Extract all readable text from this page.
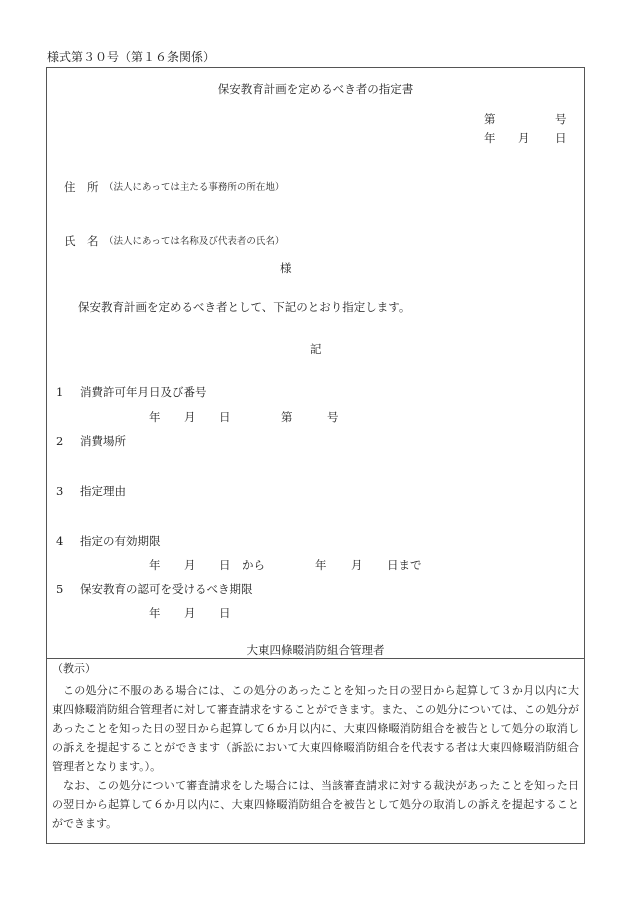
様式第３０号（第１６条関係）
保安教育計画を定めるべき者の指定書
第	号
年 月 日
住　所 （法人にあっては主たる事務所の所在地）
氏　名 （法人にあっては名称及び代表者の氏名）
様
保安教育計画を定めるべき者として、下記のとおり指定します。
記
1 消費許可年月日及び番号
年 月 日	第	号
2 消費場所
3 指定理由
4 指定の有効期限
年 月 日 から	年 月 日まで
5 保安教育の認可を受けるべき期限
年 月 日
大東四條畷消防組合管理者
（教示）

この処分に不服のある場合には、この処分のあったことを知った日の翌日から起算して３か月以内に大東四條畷消防組合管理者に対して審査請求をすることができます。また、この処分については、この処分があったことを知った日の翌日から起算して６か月以内に、大東四條畷消防組合を被告として処分の取消しの訴えを提起することができます（訴訟において大東四條畷消防組合を代表する者は大東四條畷消防組合管理者となります。）。

なお、この処分について審査請求をした場合には、当該審査請求に対する裁決があったことを知った日の翌日から起算して６か月以内に、大東四條畷消防組合を被告として処分の取消しの訴えを提起することができます。
